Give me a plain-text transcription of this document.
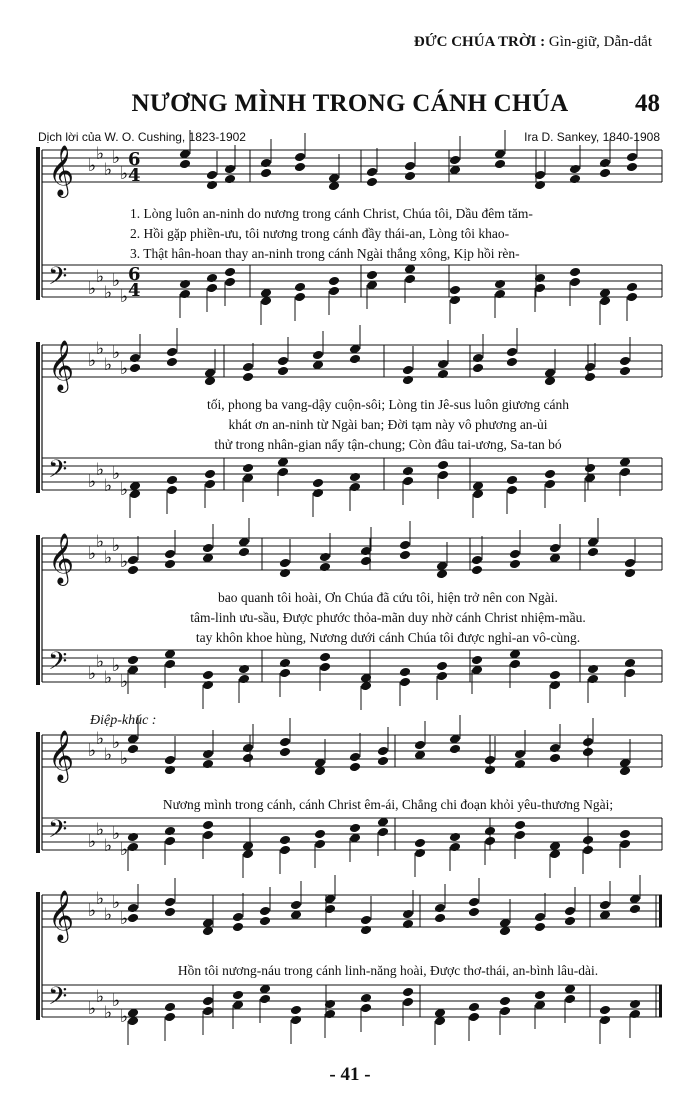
ĐỨC CHÚA TRỜI : Gìn-giữ, Dẫn-dắt
NƯƠNG MÌNH TRONG CÁNH CHÚA	48
Dịch lời của W. O. Cushing, 1823-1902	Ira D. Sankey, 1840-1908
𝄞 ♭
♭
♭
♭
♭
𝄢 ♭
♭
♭
♭
♭
6
4
6
4
𝄞 ♭
♭
♭
♭
♭
𝄢 ♭
♭
♭
♭
♭
𝄞 ♭
♭
♭
♭
♭
𝄢 ♭
♭
♭
♭
♭
𝄞 ♭
♭
♭
♭
♭
𝄢 ♭
♭
♭
♭
♭
𝄞 ♭
♭
♭
♭
♭
𝄢 ♭
♭
♭
♭
♭
1. Lòng luôn an-ninh do nương trong cánh Christ, Chúa tôi, Dầu đêm tăm-
2. Hồi gặp phiền-ưu, tôi nương trong cánh đầy thái-an, Lòng tôi khao-
3. Thật hân-hoan thay an-ninh trong cánh Ngài thắng xông, Kịp hồi rèn-
tối, phong ba vang-dậy cuộn-sôi; Lòng tin Jê-sus luôn giương cánh
khát ơn an-ninh từ Ngài ban; Đời tạm này vô phương an-ủi
thử trong nhân-gian nẩy tận-chung; Còn đâu tai-ương, Sa-tan bó
bao quanh tôi hoài, Ơn Chúa đã cứu tôi, hiện trở nên con Ngài.
tâm-linh ưu-sầu, Được phước thỏa-mãn duy nhờ cánh Christ nhiệm-mầu.
tay khôn khoe hùng, Nương dưới cánh Chúa tôi được nghỉ-an vô-cùng.
Điệp-khúc :
Nương mình trong cánh, cánh Christ êm-ái, Chẳng chi đoạn khỏi yêu-thương Ngài;
Hồn tôi nương-náu trong cánh linh-năng hoài, Được thơ-thái, an-bình lâu-dài.
- 41 -
